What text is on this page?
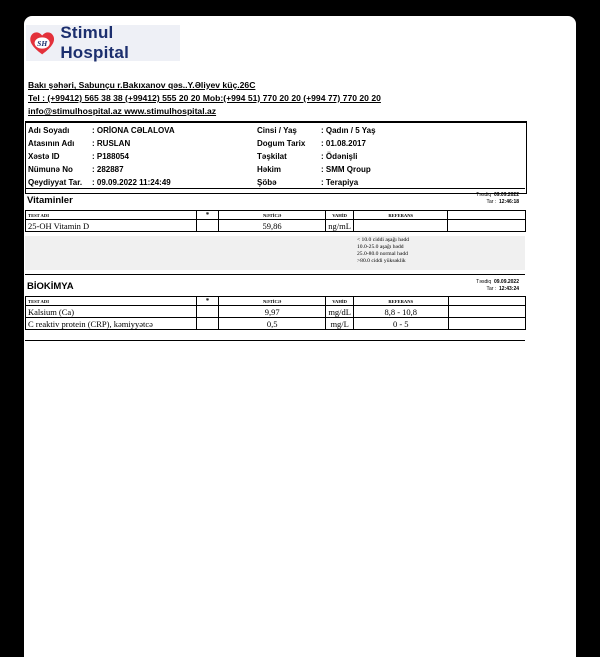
SH
Stimul Hospital
Bakı şəhəri, Sabunçu r.Bakıxanov qəs..Y.Əliyev küç.26C
Tel : (+99412) 565 38 38 (+99412) 555 20 20 Mob:(+994 51) 770 20 20 (+994 77) 770 20 20
info@stimulhospital.az www.stimulhospital.az
Adı Soyadı	: ORİONA CƏLALOVA
Atasının Adı : RUSLAN
Xəstə ID	: P188054
Nümunə No : 282887
Qeydiyyat Tar. : 09.09.2022 11:24:49
Cinsi / Yaş	: Qadın / 5 Yaş
Dogum Tarix : 01.08.2017
Təşkilat	: Ödənişli
Həkim	: SMM Qroup
Şöbə	: Terapiya
Vitaminler	Təsdiq 09.09.2022
Tar : 12:46:18
TEST ADI	*	NƏTİCƏ	VAHİD	REFERANS	
25-OH Vitamin D		59,86	ng/mL		
< 10.0 ciddi aşağı hədd
10.0-25.0 aşağı hədd
25.0-80.0 normal hədd
>80.0 ciddi yüksəklik
BİOKİMYA	Təsdiq 09.09.2022
Tar : 12:43:24
TEST ADI	*	NƏTİCƏ	VAHİD	REFERANS	
Kalsium (Ca)		9,97	mg/dL	8,8 - 10,8	
C reaktiv protein (CRP), kəmiyyətcə		0,5	mg/L	0 - 5	
